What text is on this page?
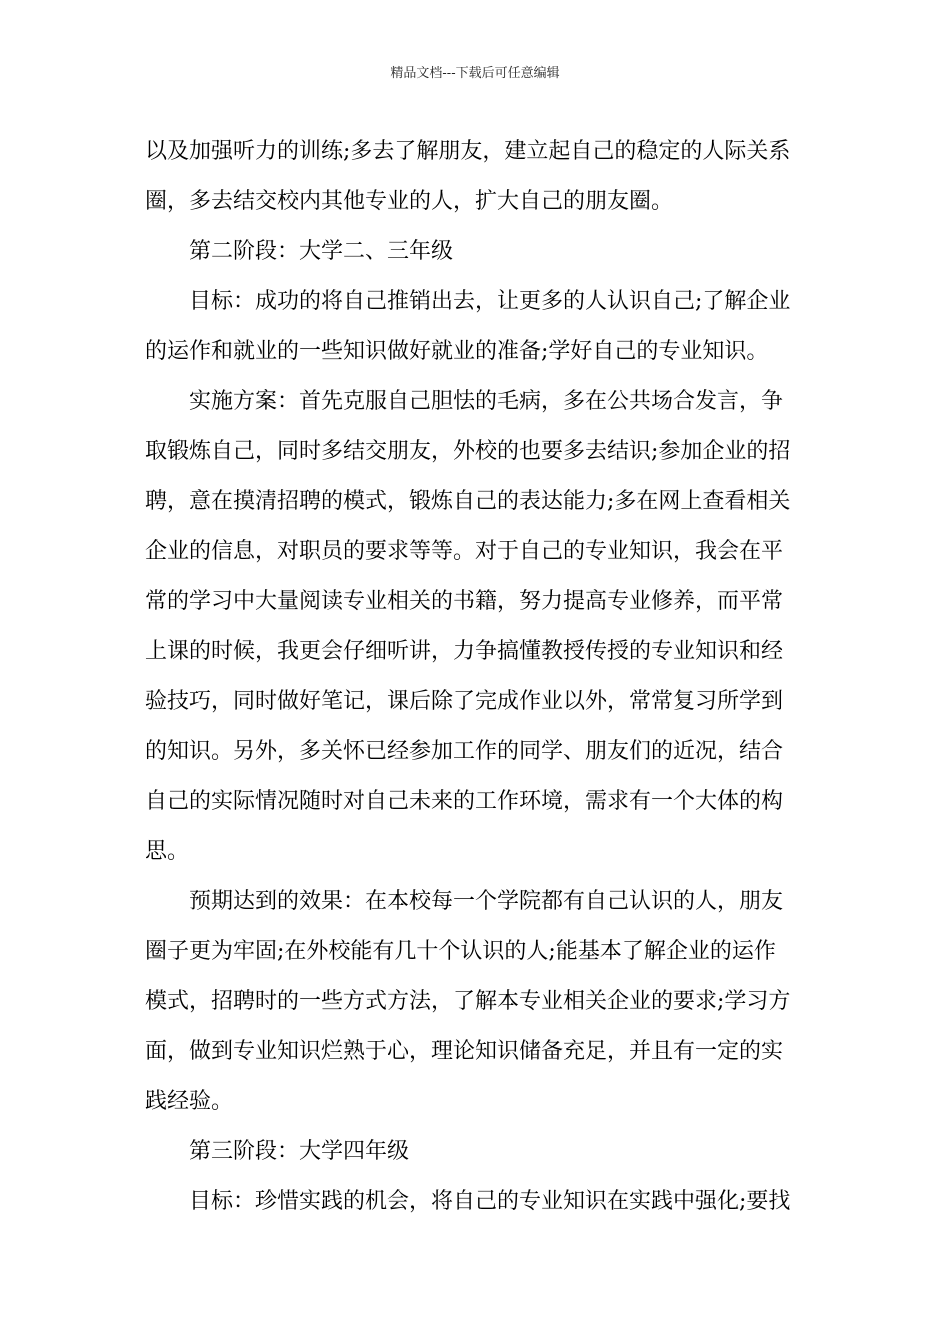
精品文档---下载后可任意编辑
以及加强听力的训练;多去了解朋友，建立起自己的稳定的人际关系
圈，多去结交校内其他专业的人，扩大自己的朋友圈。
第二阶段：大学二、三年级
目标：成功的将自己推销出去，让更多的人认识自己;了解企业
的运作和就业的一些知识做好就业的准备;学好自己的专业知识。
实施方案：首先克服自己胆怯的毛病，多在公共场合发言，争
取锻炼自己，同时多结交朋友，外校的也要多去结识;参加企业的招
聘，意在摸清招聘的模式，锻炼自己的表达能力;多在网上查看相关
企业的信息，对职员的要求等等。对于自己的专业知识，我会在平
常的学习中大量阅读专业相关的书籍，努力提高专业修养，而平常
上课的时候，我更会仔细听讲，力争搞懂教授传授的专业知识和经
验技巧，同时做好笔记，课后除了完成作业以外，常常复习所学到
的知识。另外，多关怀已经参加工作的同学、朋友们的近况，结合
自己的实际情况随时对自己未来的工作环境，需求有一个大体的构
思。
预期达到的效果：在本校每一个学院都有自己认识的人，朋友
圈子更为牢固;在外校能有几十个认识的人;能基本了解企业的运作
模式，招聘时的一些方式方法，了解本专业相关企业的要求;学习方
面，做到专业知识烂熟于心，理论知识储备充足，并且有一定的实
践经验。
第三阶段：大学四年级
目标：珍惜实践的机会，将自己的专业知识在实践中强化;要找
